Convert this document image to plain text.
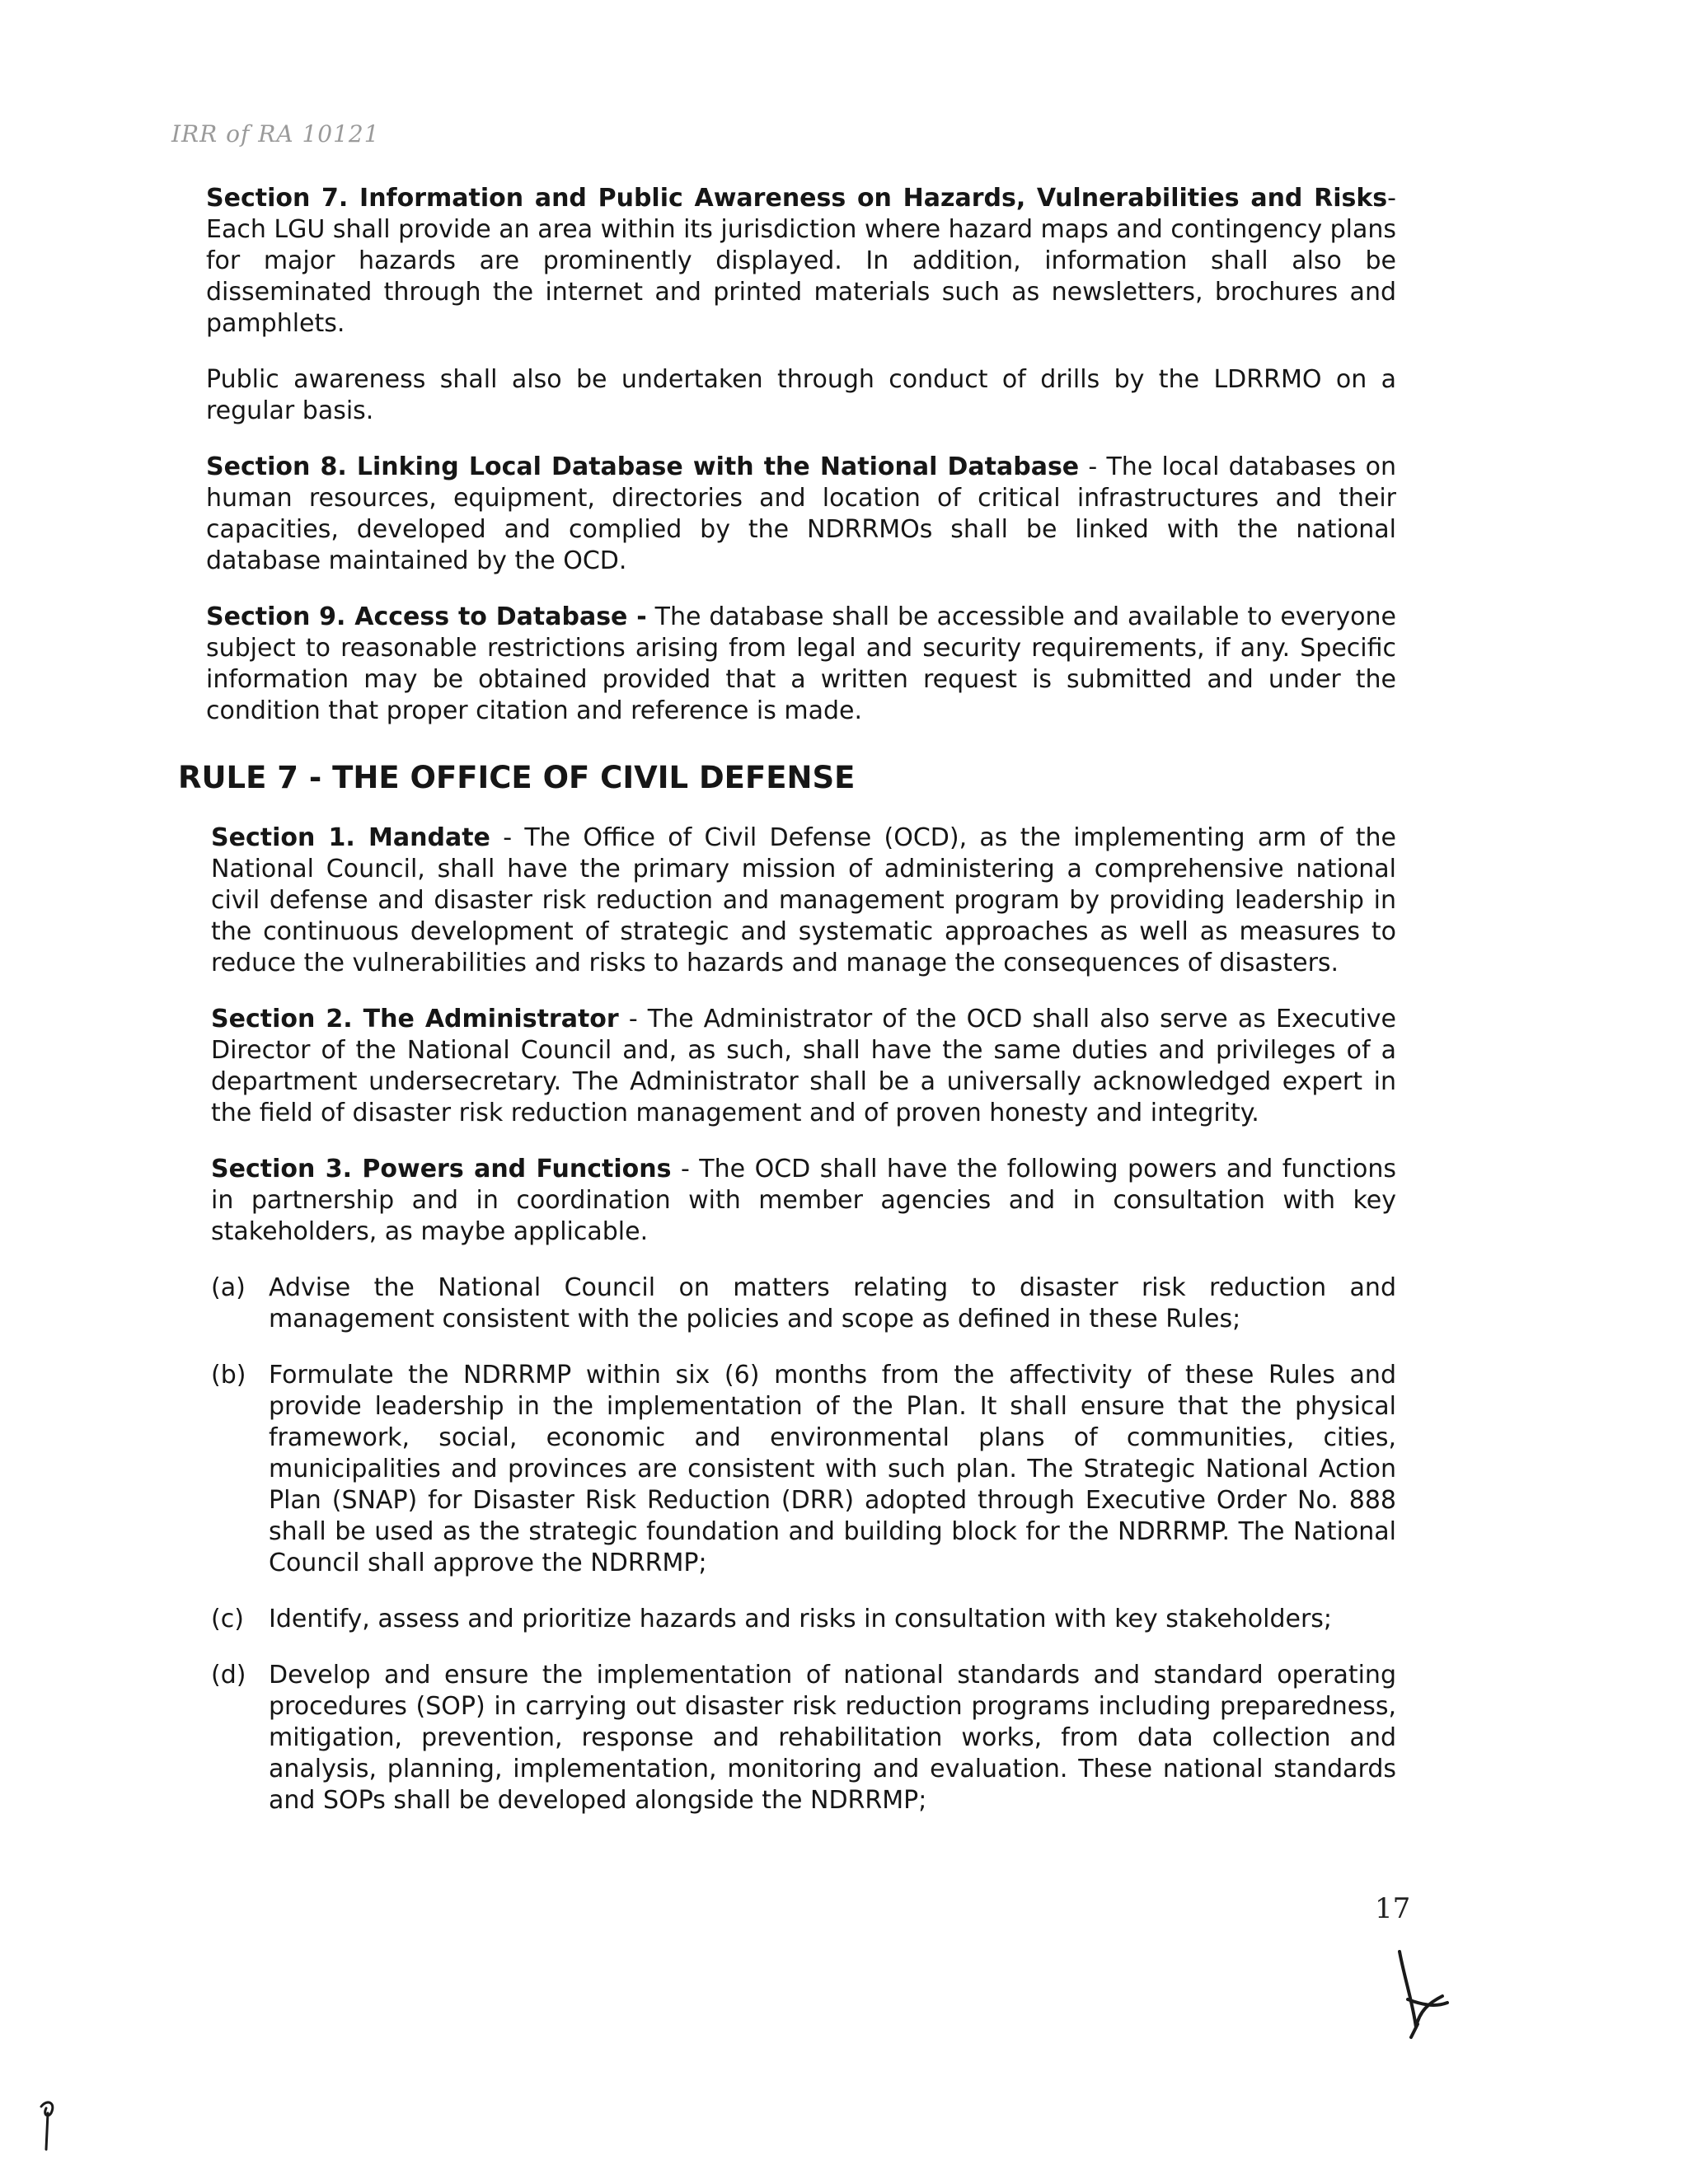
IRR of RA 10121

Section 7. Information and Public Awareness on Hazards, Vulnerabilities and Risks- Each LGU shall provide an area within its jurisdiction where hazard maps and contingency plans for major hazards are prominently displayed. In addition, information shall also be disseminated through the internet and printed materials such as newsletters, brochures and pamphlets.

Public awareness shall also be undertaken through conduct of drills by the LDRRMO on a regular basis.

Section 8. Linking Local Database with the National Database - The local databases on human resources, equipment, directories and location of critical infrastructures and their capacities, developed and complied by the NDRRMOs shall be linked with the national database maintained by the OCD.

Section 9. Access to Database - The database shall be accessible and available to everyone subject to reasonable restrictions arising from legal and security requirements, if any. Specific information may be obtained provided that a written request is submitted and under the condition that proper citation and reference is made.

RULE 7 - THE OFFICE OF CIVIL DEFENSE

Section 1. Mandate - The Office of Civil Defense (OCD), as the implementing arm of the National Council, shall have the primary mission of administering a comprehensive national civil defense and disaster risk reduction and management program by providing leadership in the continuous development of strategic and systematic approaches as well as measures to reduce the vulnerabilities and risks to hazards and manage the consequences of disasters.

Section 2. The Administrator - The Administrator of the OCD shall also serve as Executive Director of the National Council and, as such, shall have the same duties and privileges of a department undersecretary. The Administrator shall be a universally acknowledged expert in the field of disaster risk reduction management and of proven honesty and integrity.

Section 3. Powers and Functions - The OCD shall have the following powers and functions in partnership and in coordination with member agencies and in consultation with key stakeholders, as maybe applicable.

(a) Advise the National Council on matters relating to disaster risk reduction and management consistent with the policies and scope as defined in these Rules;
(b) Formulate the NDRRMP within six (6) months from the affectivity of these Rules and provide leadership in the implementation of the Plan. It shall ensure that the physical framework, social, economic and environmental plans of communities, cities, municipalities and provinces are consistent with such plan. The Strategic National Action Plan (SNAP) for Disaster Risk Reduction (DRR) adopted through Executive Order No. 888 shall be used as the strategic foundation and building block for the NDRRMP. The National Council shall approve the NDRRMP;
(c)	Identify, assess and prioritize hazards and risks in consultation with key stakeholders;
(d) Develop and ensure the implementation of national standards and standard operating procedures (SOP) in carrying out disaster risk reduction programs including preparedness, mitigation, prevention, response and rehabilitation works, from data collection and analysis, planning, implementation, monitoring and evaluation. These national standards and SOPs shall be developed alongside the NDRRMP;
17
